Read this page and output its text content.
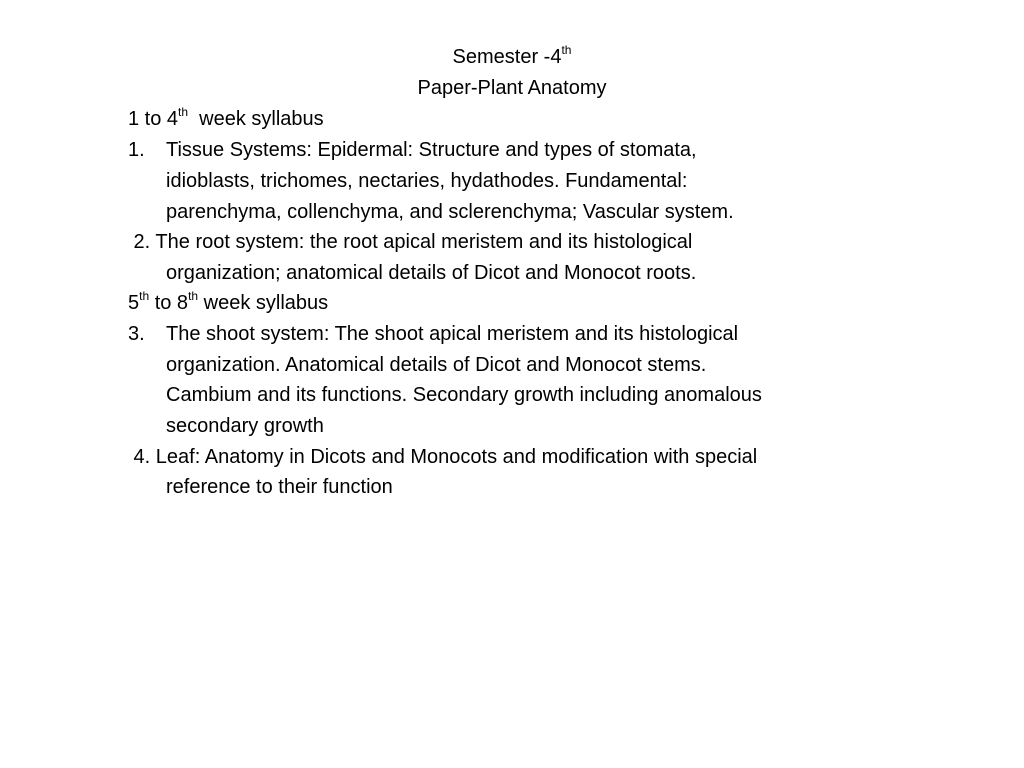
Semester -4th
Paper-Plant Anatomy
1 to 4th  week syllabus
1. Tissue Systems: Epidermal: Structure and types of stomata,
idioblasts, trichomes, nectaries, hydathodes. Fundamental:
parenchyma, collenchyma, and sclerenchyma; Vascular system.
2. The root system: the root apical meristem and its histological
organization; anatomical details of Dicot and Monocot roots.
5th to 8th week syllabus
3. The shoot system: The shoot apical meristem and its histological
organization. Anatomical details of Dicot and Monocot stems.
Cambium and its functions. Secondary growth including anomalous
secondary growth
4. Leaf: Anatomy in Dicots and Monocots and modification with special
reference to their function
